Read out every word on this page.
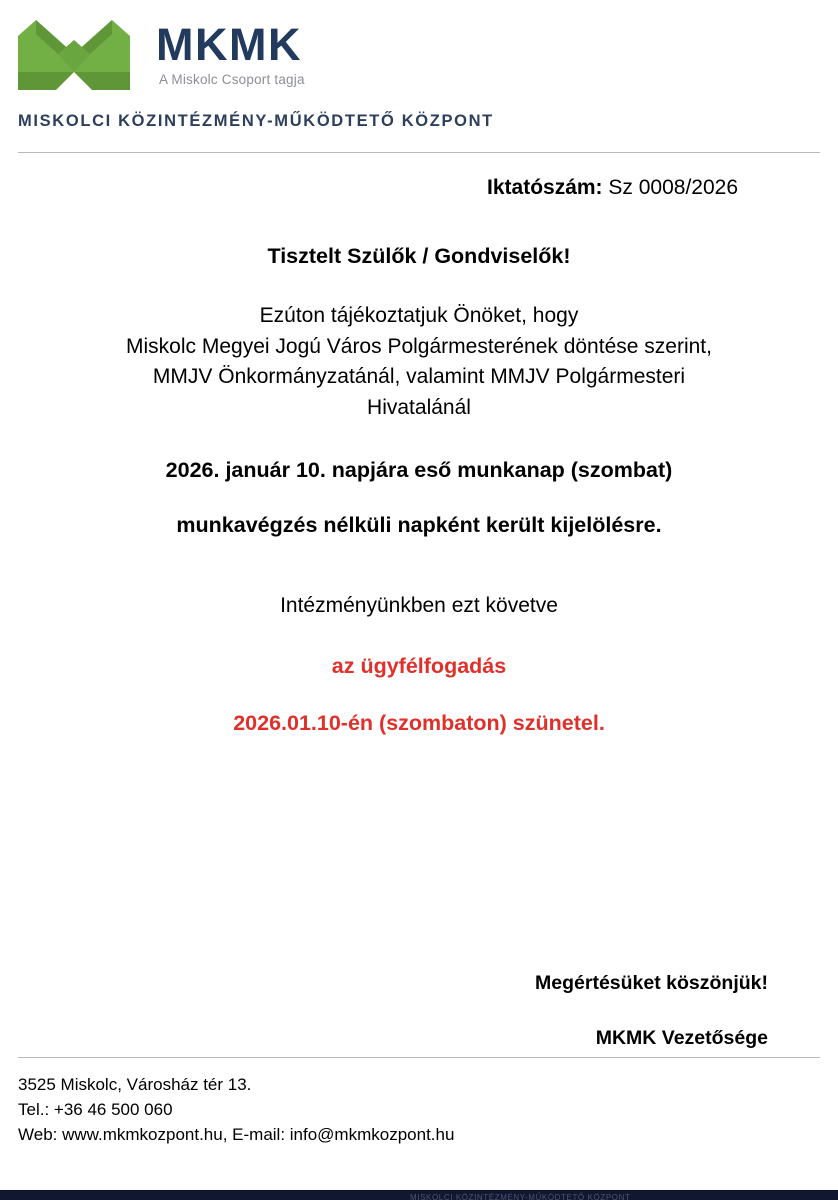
MKMK
A Miskolc Csoport tagja
MISKOLCI KÖZINTÉZMÉNY-MŰKÖDTETŐ KÖZPONT
Iktatószám: Sz 0008/2026
Tisztelt Szülők / Gondviselők!
Ezúton tájékoztatjuk Önöket, hogy
Miskolc Megyei Jogú Város Polgármesterének döntése szerint,
MMJV Önkormányzatánál, valamint MMJV Polgármesteri
Hivatalánál
2026. január 10. napjára eső munkanap (szombat)
munkavégzés nélküli napként került kijelölésre.
Intézményünkben ezt követve
az ügyfélfogadás
2026.01.10-én (szombaton) szünetel.
Megértésüket köszönjük!
MKMK Vezetősége
3525 Miskolc, Városház tér 13.
Tel.: +36 46 500 060
Web: www.mkmkozpont.hu, E-mail: info@mkmkozpont.hu
MISKOLCI KÖZINTÉZMÉNY-MŰKÖDTETŐ KÖZPONT
